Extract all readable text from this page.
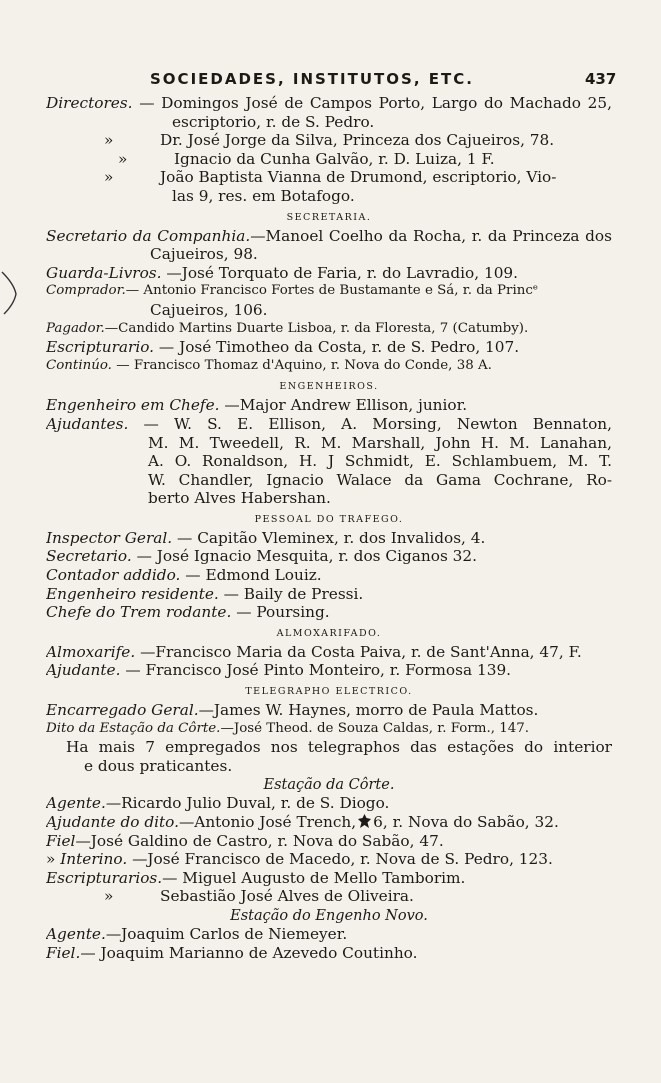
SOCIEDADES, INSTITUTOS, ETC.	437
Directores. — Domingos José de Campos Porto, Largo do Machado 25,
escriptorio, r. de S. Pedro.
»	Dr. José Jorge da Silva, Princeza dos Cajueiros, 78.
»	Ignacio da Cunha Galvão, r. D. Luiza, 1 F.
»	João Baptista Vianna de Drumond, escriptorio, Vio-
las 9, res. em Botafogo.
SECRETARIA.
Secretario da Companhia.—Manoel Coelho da Rocha, r. da Princeza dos
Cajueiros, 98.
Guarda-Livros. —José Torquato de Faria, r. do Lavradio, 109.
Comprador.— Antonio Francisco Fortes de Bustamante e Sá, r. da Princᵉ
Cajueiros, 106.
Pagador.—Candido Martins Duarte Lisboa, r. da Floresta, 7 (Catumby).
Escripturario. — José Timotheo da Costa, r. de S. Pedro, 107.
Continúo. — Francisco Thomaz d'Aquino, r. Nova do Conde, 38 A.
ENGENHEIROS.
Engenheiro em Chefe. —Major Andrew Ellison, junior.
Ajudantes. — W. S. E. Ellison, A. Morsing, Newton Bennaton,
M. M. Tweedell, R. M. Marshall, John H. M. Lanahan,
A. O. Ronaldson, H. J Schmidt, E. Schlambuem, M. T.
W. Chandler, Ignacio Walace da Gama Cochrane, Ro-
berto Alves Habershan.
PESSOAL DO TRAFEGO.
Inspector Geral. — Capitão Vleminex, r. dos Invalidos, 4.
Secretario. — José Ignacio Mesquita, r. dos Ciganos 32.
Contador addido. — Edmond Louiz.
Engenheiro residente. — Baily de Pressi.
Chefe do Trem rodante. — Poursing.
ALMOXARIFADO.
Almoxarife. —Francisco Maria da Costa Paiva, r. de Sant'Anna, 47, F.
Ajudante. — Francisco José Pinto Monteiro, r. Formosa 139.
TELEGRAPHO ELECTRICO.
Encarregado Geral.—James W. Haynes, morro de Paula Mattos.
Dito da Estação da Côrte.—José Theod. de Souza Caldas, r. Form., 147.
Ha mais 7 empregados nos telegraphos das estações do interior
e dous praticantes.
Estação da Côrte.
Agente.—Ricardo Julio Duval, r. de S. Diogo.
Ajudante do dito.—Antonio José Trench, 6, r. Nova do Sabão, 32.
Fiel—José Galdino de Castro, r. Nova do Sabão, 47.
» Interino. —José Francisco de Macedo, r. Nova de S. Pedro, 123.
Escripturarios.— Miguel Augusto de Mello Tamborim.
»	Sebastião José Alves de Oliveira.
Estação do Engenho Novo.
Agente.—Joaquim Carlos de Niemeyer.
Fiel.— Joaquim Marianno de Azevedo Coutinho.
